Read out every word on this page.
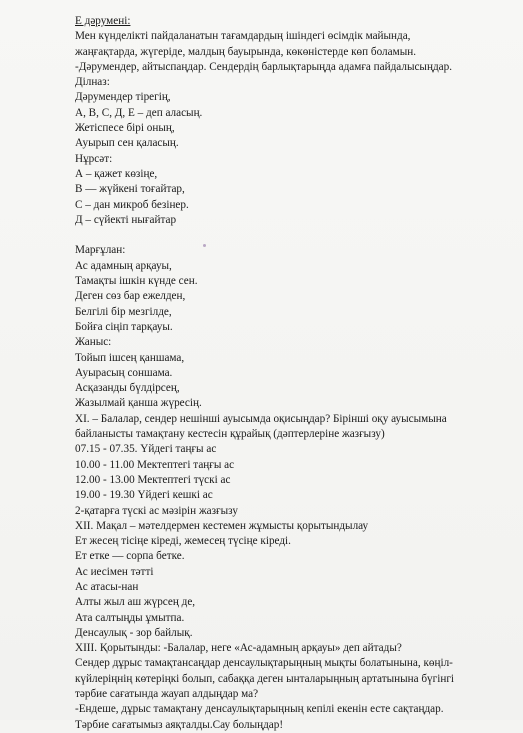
Е дәрумені:
Мен күнделікті пайдаланатын тағамдардың ішіндегі өсімдік майында,
жаңғақтарда, жүгеріде, малдың бауырында, көкөністерде көп боламын.
-Дәрумендер, айтыспаңдар. Сендердің барлықтарыңда адамға пайдалысыңдар.
Ділназ:
Дәрумендер тірегің,
А, В, С, Д, Е – деп аласың.
Жетіспесе бірі оның,
Ауырып сен қаласың.
Нұрсәт:
А – қажет көзіңе,
В — жүйкені тоғайтар,
С – дан микроб безінер.
Д – сүйекті нығайтар
Марғұлан:
Ас адамның арқауы,
Тамақты ішкін күнде сен.
Деген сөз бар ежелден,
Белгілі бір мезгілде,
Бойға сіңіп тарқауы.
Жаныс:
Тойып ішсең қаншама,
Ауырасың соншама.
Асқазанды бүлдірсең,
Жазылмай қанша жүресің.
XI. – Балалар, сендер нешінші ауысымда оқисыңдар? Бірінші оқу ауысымына
байланысты тамақтану кестесін құрайық (дәптерлеріне жазғызу)
07.15 - 07.35. Үйдегі таңғы ас
10.00 - 11.00 Мектептегі таңғы ас
12.00 - 13.00 Мектептегі түскі ас
19.00 - 19.30 Үйдегі кешкі ас
2-қатарға түскі ас мәзірін жазғызу
XII. Мақал – мәтелдермен кестемен жұмысты қорытындылау
Ет жесең тісіңе кіреді, жемесең түсіңе кіреді.
Ет етке — сорпа бетке.
Ас иесімен тәтті
Ас атасы-нан
Алты жыл аш жүрсең де,
Ата салтыңды ұмытпа.
Денсаулық - зор байлық.
XIII. Қорытынды: -Балалар, неге «Ас-адамның арқауы» деп айтады?
Сендер дұрыс тамақтансаңдар денсаулықтарыңның мықты болатынына, көңіл-
күйлеріңнің көтеріңкі болып, сабаққа деген ынталарыңның артатынына бүгінгі
тәрбие сағатында жауап алдыңдар ма?
-Ендеше, дұрыс тамақтану денсаулықтарыңның кепілі екенін есте сақтаңдар.
Тәрбие сағатымыз аяқталды.Сау болыңдар!
